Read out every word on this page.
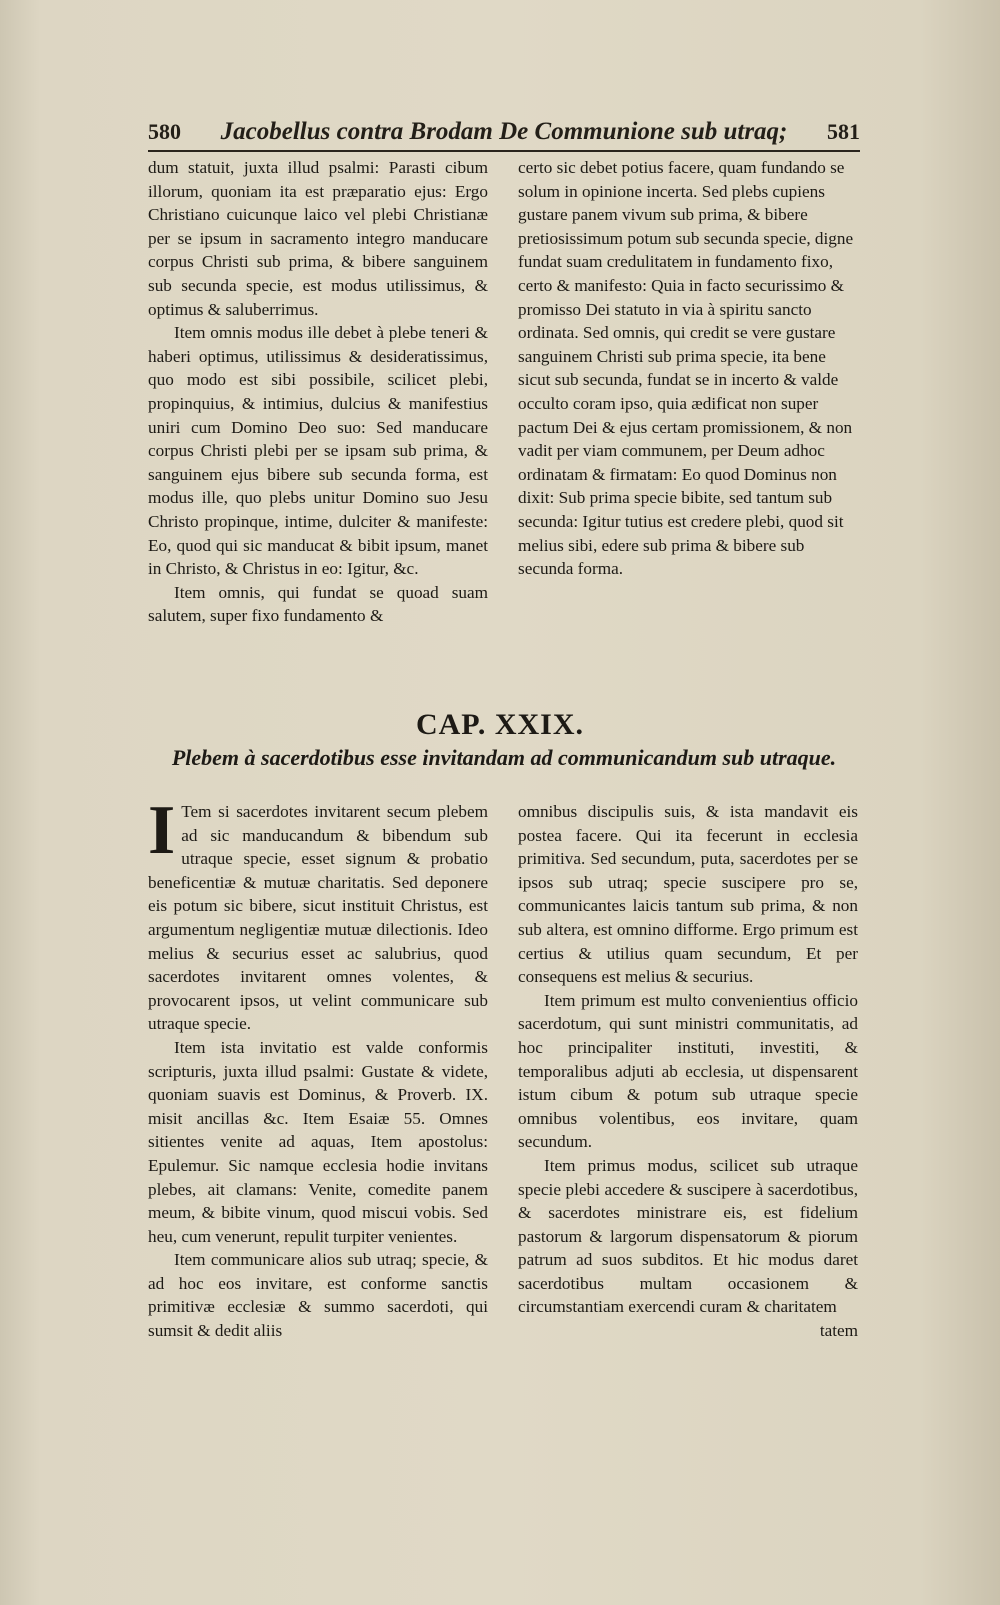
580 Jacobellus contra Brodam De Communione sub utraq; 581

dum statuit, juxta illud psalmi: Parasti cibum illorum, quoniam ita est præparatio ejus: Ergo Christiano cuicunque laico vel plebi Christianæ per se ipsum in sacramento integro manducare corpus Christi sub prima, & bibere sanguinem sub secunda specie, est modus utilissimus, & optimus & saluberrimus.

Item omnis modus ille debet à plebe teneri & haberi optimus, utilissimus & desideratissimus, quo modo est sibi possibile, scilicet plebi, propinquius, & intimius, dulcius & manifestius uniri cum Domino Deo suo: Sed manducare corpus Christi plebi per se ipsam sub prima, & sanguinem ejus bibere sub secunda forma, est modus ille, quo plebs unitur Domino suo Jesu Christo propinque, intime, dulciter & manifeste: Eo, quod qui sic manducat & bibit ipsum, manet in Christo, & Christus in eo: Igitur, &c.

Item omnis, qui fundat se quoad suam salutem, super fixo fundamento &

certo sic debet potius facere, quam fundando se solum in opinione incerta. Sed plebs cupiens gustare panem vivum sub prima, & bibere pretiosissimum potum sub secunda specie, digne fundat suam credulitatem in fundamento fixo, certo & manifesto: Quia in facto securissimo & promisso Dei statuto in via à spiritu sancto ordinata. Sed omnis, qui credit se vere gustare sanguinem Christi sub prima specie, ita bene sicut sub secunda, fundat se in incerto & valde occulto coram ipso, quia ædificat non super pactum Dei & ejus certam promissionem, & non vadit per viam communem, per Deum adhoc ordinatam & firmatam: Eo quod Dominus non dixit: Sub prima specie bibite, sed tantum sub secunda: Igitur tutius est credere plebi, quod sit melius sibi, edere sub prima & bibere sub secunda forma.

CAP. XXIX.
Plebem à sacerdotibus esse invitandam ad communicandum sub utraque.

I Tem si sacerdotes invitarent secum plebem ad sic manducandum & bibendum sub utraque specie, esset signum & probatio beneficentiæ & mutuæ charitatis. Sed deponere eis potum sic bibere, sicut instituit Christus, est argumentum negligentiæ mutuæ dilectionis. Ideo melius & securius esset ac salubrius, quod sacerdotes invitarent omnes volentes, & provocarent ipsos, ut velint communicare sub utraque specie.

Item ista invitatio est valde conformis scripturis, juxta illud psalmi: Gustate & videte, quoniam suavis est Dominus, & Proverb. IX. misit ancillas &c. Item Esaiæ 55. Omnes sitientes venite ad aquas, Item apostolus: Epulemur. Sic namque ecclesia hodie invitans plebes, ait clamans: Venite, comedite panem meum, & bibite vinum, quod miscui vobis. Sed heu, cum venerunt, repulit turpiter venientes.

Item communicare alios sub utraq; specie, & ad hoc eos invitare, est conforme sanctis primitivæ ecclesiæ & summo sacerdoti, qui sumsit & dedit aliis

omnibus discipulis suis, & ista mandavit eis postea facere. Qui ita fecerunt in ecclesia primitiva. Sed secundum, puta, sacerdotes per se ipsos sub utraq; specie suscipere pro se, communicantes laicis tantum sub prima, & non sub altera, est omnino difforme. Ergo primum est certius & utilius quam secundum, Et per consequens est melius & securius.

Item primum est multo convenientius officio sacerdotum, qui sunt ministri communitatis, ad hoc principaliter instituti, investiti, & temporalibus adjuti ab ecclesia, ut dispensarent istum cibum & potum sub utraque specie omnibus volentibus, eos invitare, quam secundum.

Item primus modus, scilicet sub utraque specie plebi accedere & suscipere à sacerdotibus, & sacerdotes ministrare eis, est fidelium pastorum & largorum dispensatorum & piorum patrum ad suos subditos. Et hic modus daret sacerdotibus multam occasionem & circumstantiam exercendi curam & charitatem

tatem
